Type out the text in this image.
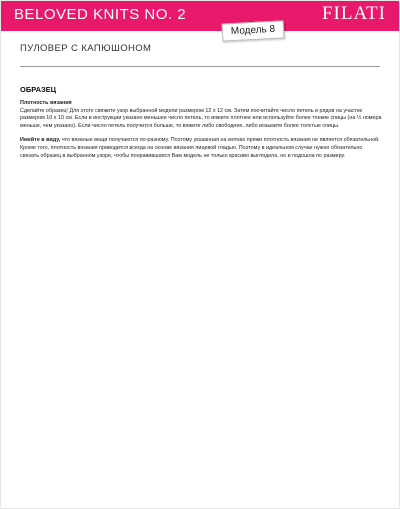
BELOVED KNITS NO. 2	FILATI
Модель 8
ПУЛОВЕР С КАПЮШОНОМ
ОБРАЗЕЦ

Плотность вязания

Сделайте образец! Для этого свяжите узор выбранной модели размером 12 х 12 см. Затем посчитайте число петель и рядов на участке размером 10 х 10 см. Если в инструкции указано меньшее число петель, то вяжите плотнее или используйте более тонкие спицы (на ½ номера меньше, чем указано). Если число петель получится больше, то вяжите либо свободнее, либо возьмите более толстые спицы.

Имейте в виду, что вязаные вещи получаются по-разному. Поэтому указанная на мотках пряжи плотность вязания не является обязательной. Кроме того, плотность вязания приводится всегда на основе вязания лицевой гладью. Поэтому в идеальном случае нужно обязательно связать образец в выбранном узоре, чтобы понравившаяся Вам модель не только красиво выглядела, но и подошла по размеру.
